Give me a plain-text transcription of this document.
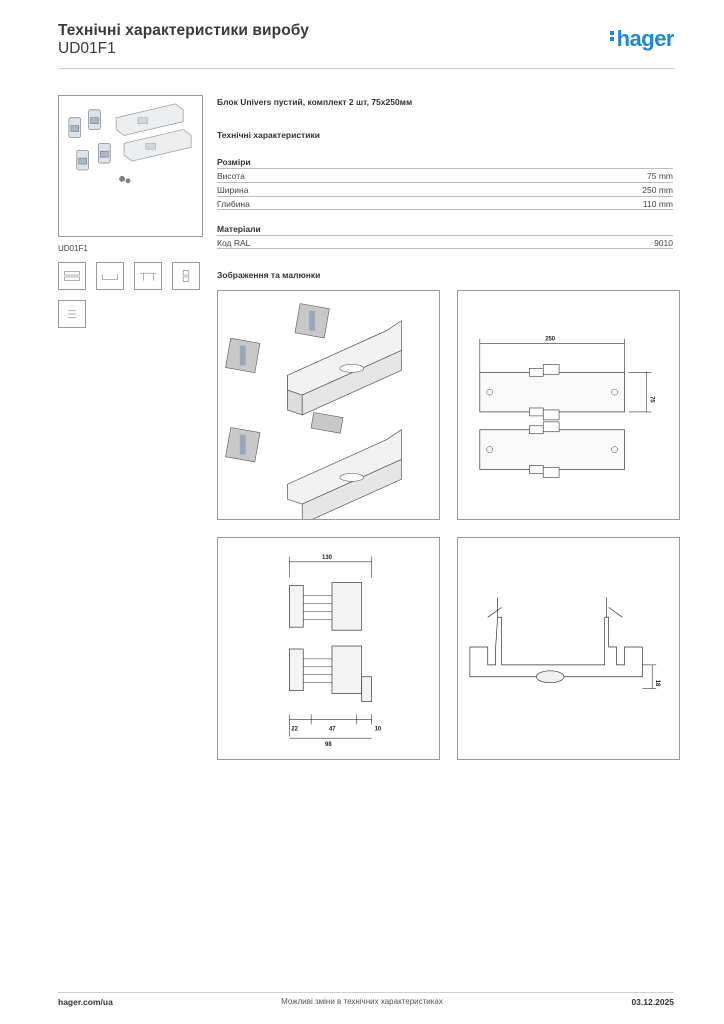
Технічні характеристики виробу
UD01F1	hager
UD01F1
Блок Univers пустий, комплект 2 шт, 75x250мм
Технічні характеристики
Розміри
Висота	75 mm
Ширина	250 mm
Глибина	110 mm
Матеріали
Код RAL	9010
Зображення та малюнки
250
75
130
22	47	10
98
18
hager.com/ua	Можливі зміни в технічних характеристиках	03.12.2025
